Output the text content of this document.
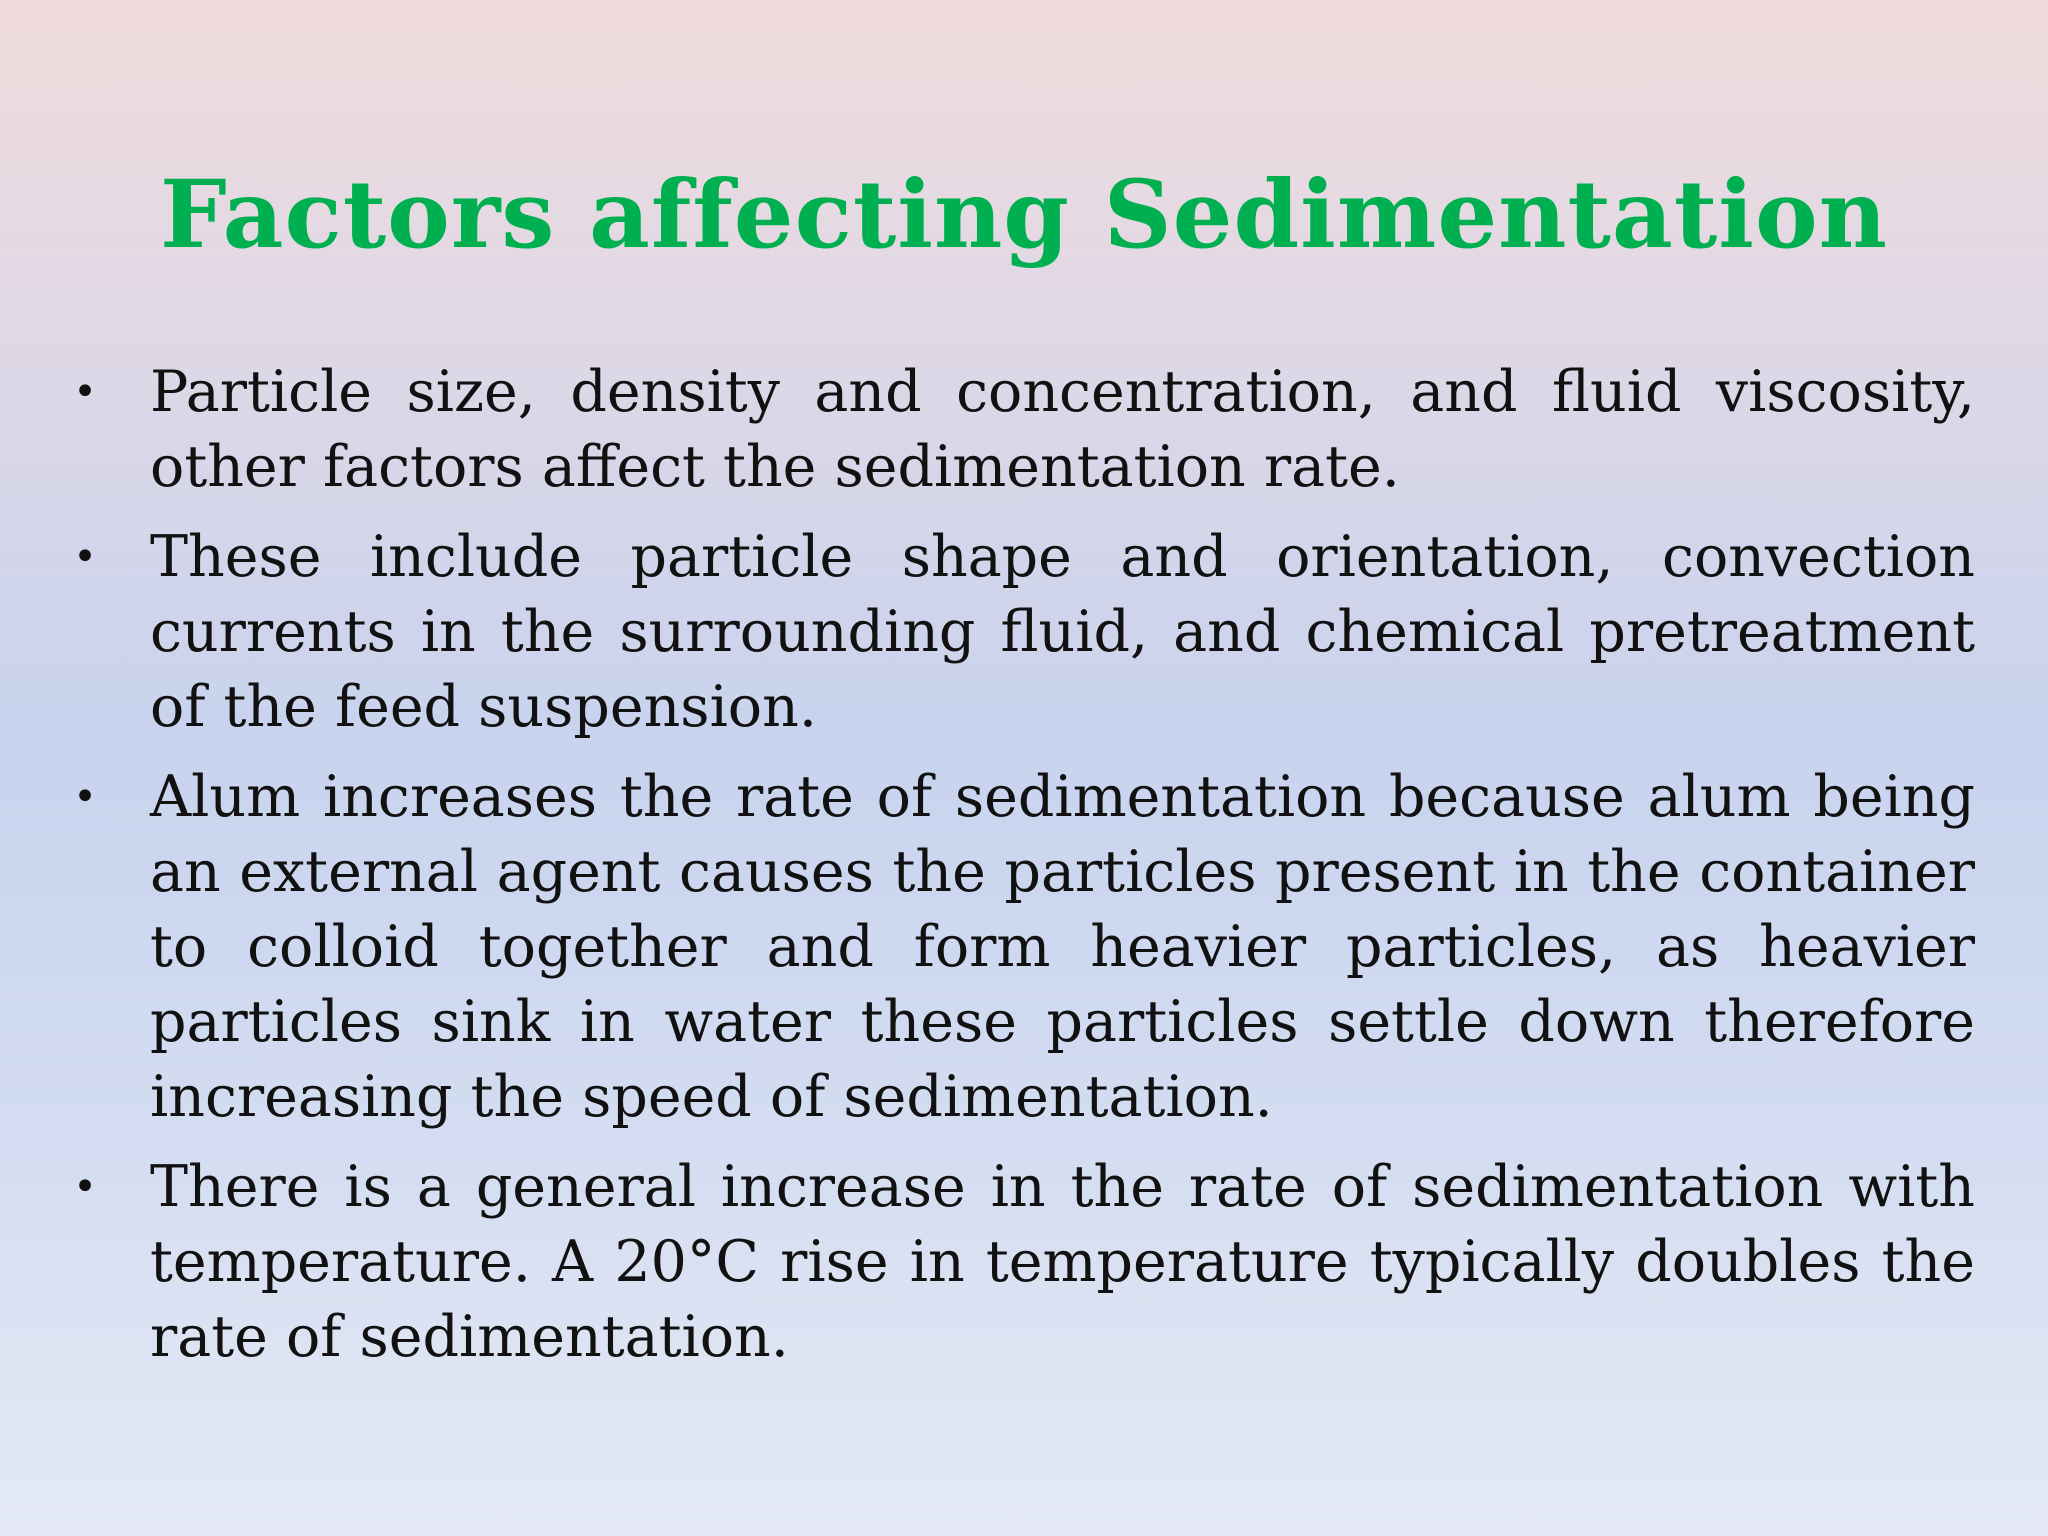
Factors affecting Sedimentation
• Particle size, density and concentration, and fluid viscosity, other factors affect the sedimentation rate.
• These include particle shape and orientation, convection currents in the surrounding fluid, and chemical pretreatment of the feed suspension.
• Alum increases the rate of sedimentation because alum being an external agent causes the particles present in the container to colloid together and form heavier particles, as heavier particles sink in water these particles settle down therefore increasing the speed of sedimentation.
• There is a general increase in the rate of sedimentation with temperature. A 20°C rise in temperature typically doubles the rate of sedimentation.
